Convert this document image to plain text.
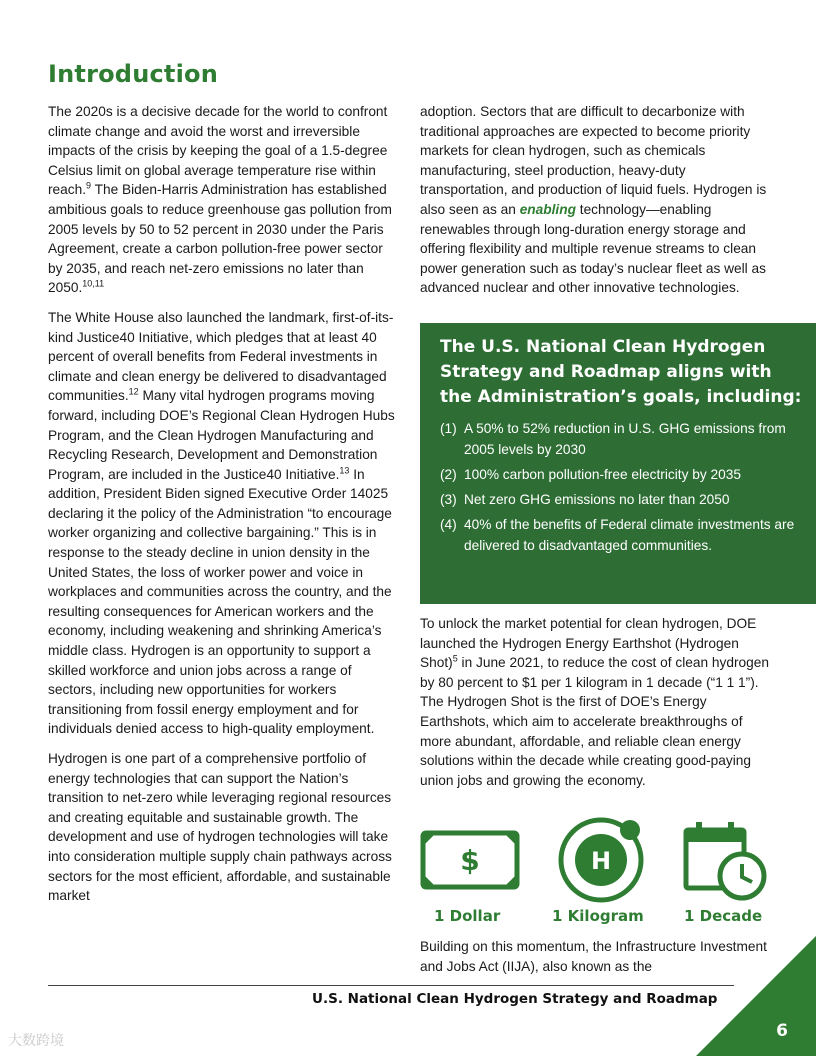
Introduction

The 2020s is a decisive decade for the world to confront climate change and avoid the worst and irreversible impacts of the crisis by keeping the goal of a 1.5-degree Celsius limit on global average temperature rise within reach.$^9$ The Biden-Harris Administration has established ambitious goals to reduce greenhouse gas pollution from 2005 levels by 50 to 52 percent in 2030 under the Paris Agreement, create a carbon pollution-free power sector by 2035, and reach net-zero emissions no later than 2050.$^{10,11}$

The White House also launched the landmark, first-of-its-kind Justice40 Initiative, which pledges that at least 40 percent of overall benefits from Federal investments in climate and clean energy be delivered to disadvantaged communities.$^{12}$ Many vital hydrogen programs moving forward, including DOE’s Regional Clean Hydrogen Hubs Program, and the Clean Hydrogen Manufacturing and Recycling Research, Development and Demonstration Program, are included in the Justice40 Initiative.$^{13}$ In addition, President Biden signed Executive Order 14025 declaring it the policy of the Administration “to encourage worker organizing and collective bargaining.” This is in response to the steady decline in union density in the United States, the loss of worker power and voice in workplaces and communities across the country, and the resulting consequences for American workers and the economy, including weakening and shrinking America’s middle class. Hydrogen is an opportunity to support a skilled workforce and union jobs across a range of sectors, including new opportunities for workers transitioning from fossil energy employment and for individuals denied access to high-quality employment.

Hydrogen is one part of a comprehensive portfolio of energy technologies that can support the Nation’s transition to net-zero while leveraging regional resources and creating equitable and sustainable growth. The development and use of hydrogen technologies will take into consideration multiple supply chain pathways across sectors for the most efficient, affordable, and sustainable market

adoption. Sectors that are difficult to decarbonize with traditional approaches are expected to become priority markets for clean hydrogen, such as chemicals manufacturing, steel production, heavy-duty transportation, and production of liquid fuels. Hydrogen is also seen as an enabling technology—enabling renewables through long-duration energy storage and offering flexibility and multiple revenue streams to clean power generation such as today’s nuclear fleet as well as advanced nuclear and other innovative technologies.

The U.S. National Clean Hydrogen Strategy and Roadmap aligns with the Administration’s goals, including:
(1) A 50% to 52% reduction in U.S. GHG emissions from 2005 levels by 2030
(2) 100% carbon pollution-free electricity by 2035
(3) Net zero GHG emissions no later than 2050
(4) 40% of the benefits of Federal climate investments are delivered to disadvantaged communities.

To unlock the market potential for clean hydrogen, DOE launched the Hydrogen Energy Earthshot (Hydrogen Shot)$^5$ in June 2021, to reduce the cost of clean hydrogen by 80 percent to $1 per 1 kilogram in 1 decade (“1 1 1”). The Hydrogen Shot is the first of DOE’s Energy Earthshots, which aim to accelerate breakthroughs of more abundant, affordable, and reliable clean energy solutions within the decade while creating good-paying union jobs and growing the economy.

$
1 Dollar
H
1 Kilogram	1 Decade

Building on this momentum, the Infrastructure Investment and Jobs Act (IIJA), also known as the

U.S. National Clean Hydrogen Strategy and Roadmap
6
大数跨境
